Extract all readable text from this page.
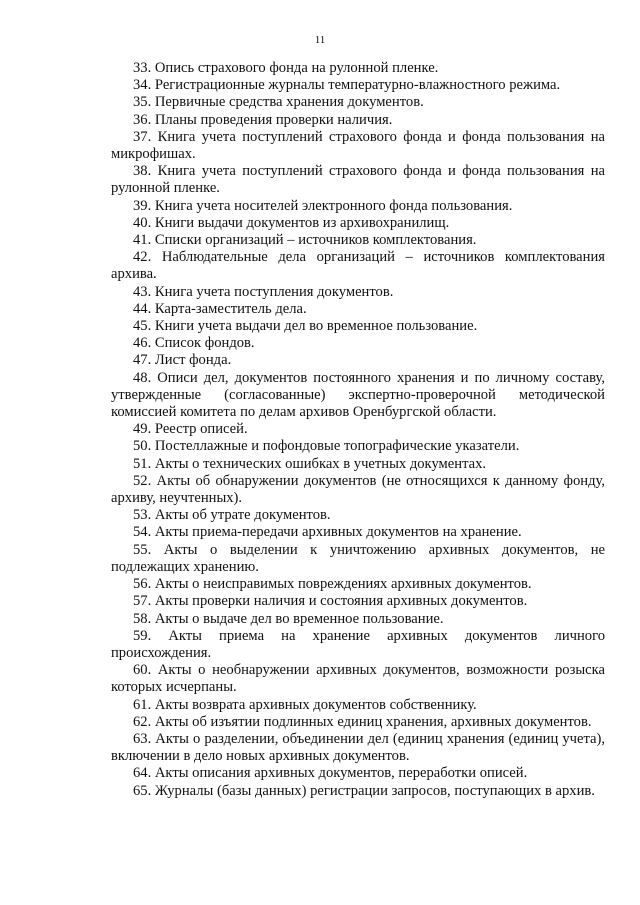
11

33. Опись страхового фонда на рулонной пленке.

34. Регистрационные журналы температурно-влажностного режима.

35. Первичные средства хранения документов.

36. Планы проведения проверки наличия.

37. Книга учета поступлений страхового фонда и фонда пользования на микрофишах.

38. Книга учета поступлений страхового фонда и фонда пользования на рулонной пленке.

39. Книга учета носителей электронного фонда пользования.

40. Книги выдачи документов из архивохранилищ.

41. Списки организаций – источников комплектования.

42. Наблюдательные дела организаций – источников комплектования архива.

43. Книга учета поступления документов.

44. Карта-заместитель дела.

45. Книги учета выдачи дел во временное пользование.

46. Список фондов.

47. Лист фонда.

48. Описи дел, документов постоянного хранения и по личному составу, утвержденные (согласованные) экспертно-проверочной методической комиссией комитета по делам архивов Оренбургской области.

49. Реестр описей.

50. Постеллажные и пофондовые топографические указатели.

51. Акты о технических ошибках в учетных документах.

52. Акты об обнаружении документов (не относящихся к данному фонду, архиву, неучтенных).

53. Акты об утрате документов.

54. Акты приема-передачи архивных документов на хранение.

55. Акты о выделении к уничтожению архивных документов, не подлежащих хранению.

56. Акты о неисправимых повреждениях архивных документов.

57. Акты проверки наличия и состояния архивных документов.

58. Акты о выдаче дел во временное пользование.

59. Акты приема на хранение архивных документов личного происхождения.

60. Акты о необнаружении архивных документов, возможности розыска которых исчерпаны.

61. Акты возврата архивных документов собственнику.

62. Акты об изъятии подлинных единиц хранения, архивных документов.

63. Акты о разделении, объединении дел (единиц хранения (единиц учета), включении в дело новых архивных документов.

64. Акты описания архивных документов, переработки описей.

65. Журналы (базы данных) регистрации запросов, поступающих в архив.
